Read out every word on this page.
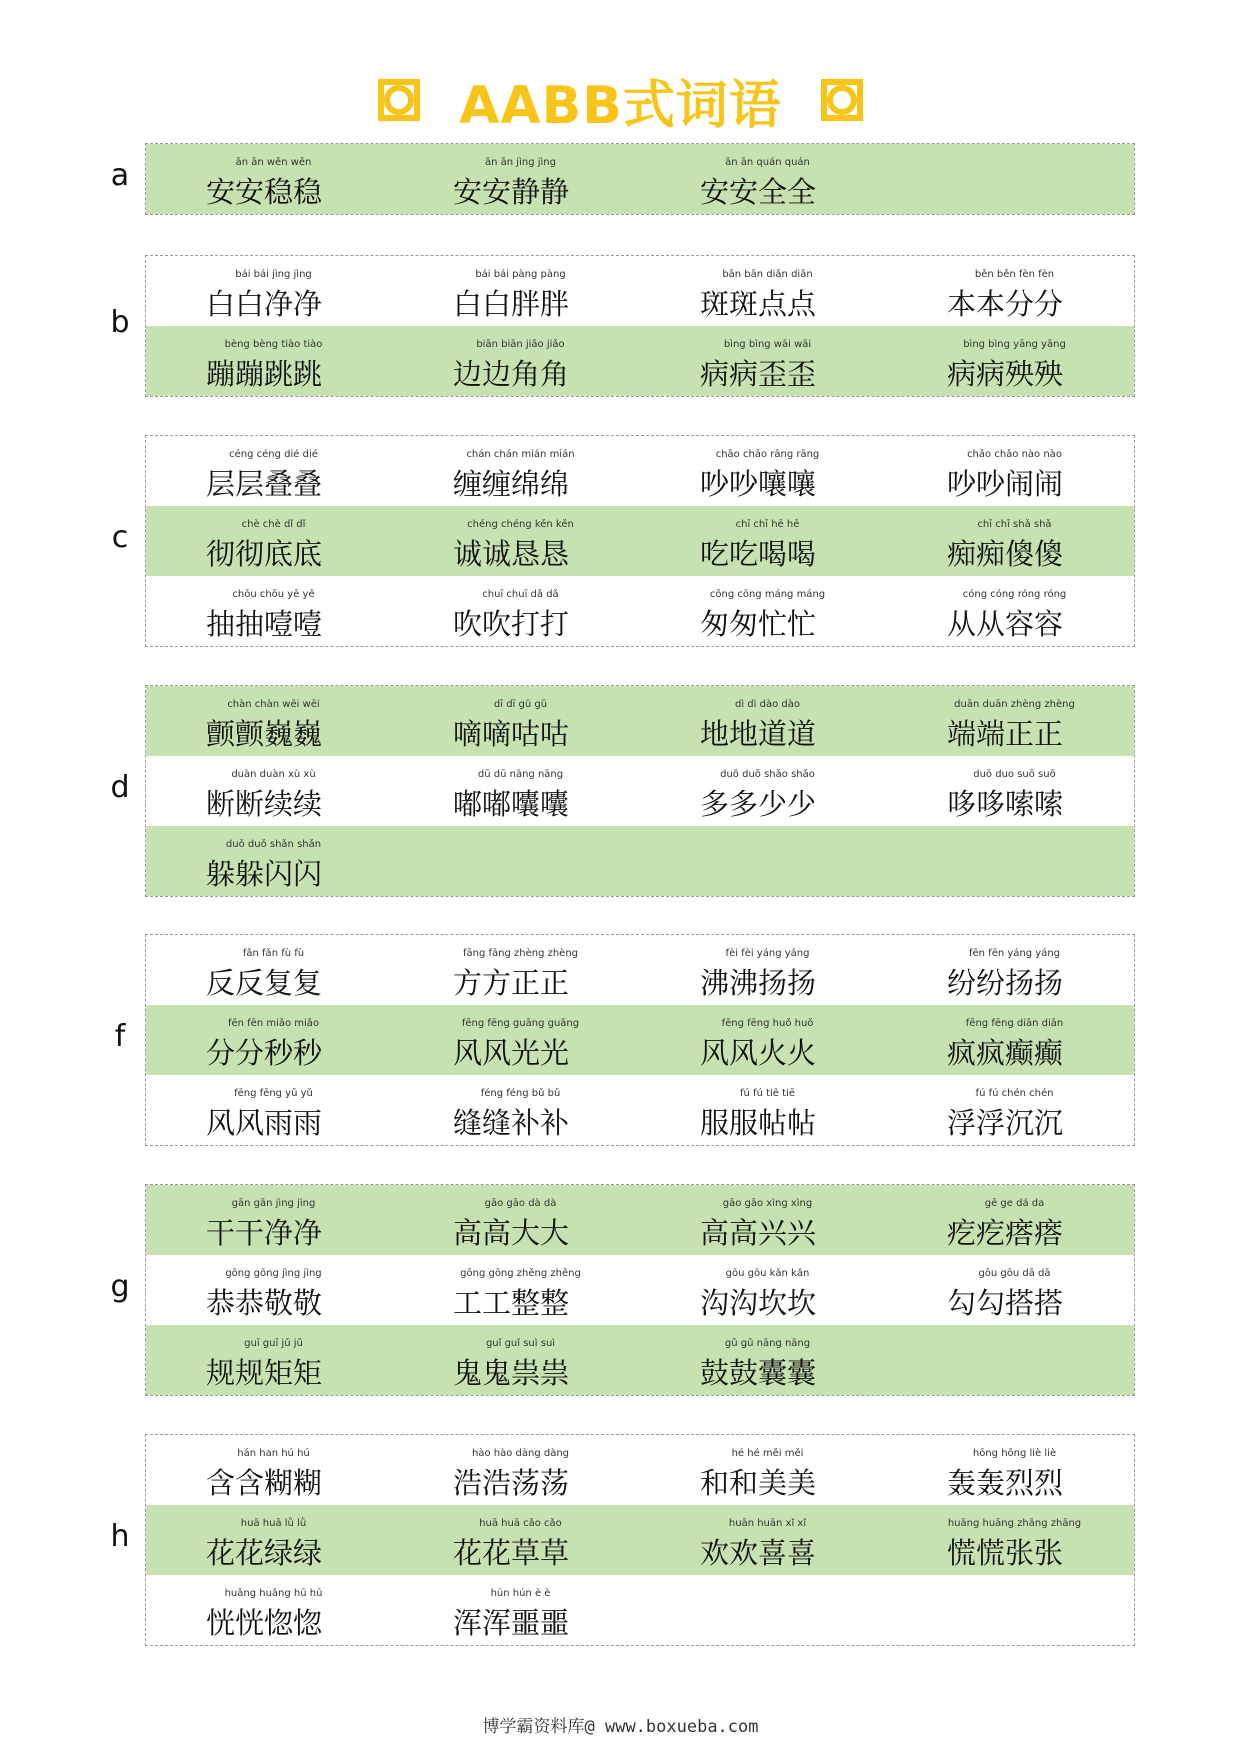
AABB式词语
ān ān wěn wěn
安安稳稳
ān ān jìng jìng
安安静静
ān ān quán quán
安安全全
a
bái bái jìng jìng
白白净净
bái bái pàng pàng
白白胖胖
bān bān diǎn diǎn
斑斑点点
běn běn fèn fèn
本本分分
bèng bèng tiào tiào
蹦蹦跳跳
biān biān jiǎo jiǎo
边边角角
bìng bìng wāi wāi
病病歪歪
bìng bìng yāng yāng
病病殃殃
b
céng céng dié dié
层层叠叠
chán chán mián mián
缠缠绵绵
chāo chāo rāng rāng
吵吵嚷嚷
chǎo chǎo nào nào
吵吵闹闹
chè chè dǐ dǐ
彻彻底底
chéng chéng kěn kěn
诚诚恳恳
chī chī hē hē
吃吃喝喝
chī chī shǎ shǎ
痴痴傻傻
chōu chōu yē yē
抽抽噎噎
chuī chuī dǎ dǎ
吹吹打打
cōng cōng máng máng
匆匆忙忙
cóng cóng róng róng
从从容容
c
chàn chàn wēi wēi
颤颤巍巍
dī dī gū gū
嘀嘀咕咕
dì dì dào dào
地地道道
duān duān zhèng zhèng
端端正正
duàn duàn xù xù
断断续续
dū dū nāng nāng
嘟嘟囔囔
duō duō shǎo shǎo
多多少少
duō duo suō suō
哆哆嗦嗦
duǒ duǒ shǎn shǎn
躲躲闪闪
d
fǎn fǎn fù fù
反反复复
fāng fāng zhèng zhèng
方方正正
fèi fèi yáng yáng
沸沸扬扬
fēn fēn yáng yáng
纷纷扬扬
fēn fēn miǎo miǎo
分分秒秒
fēng fēng guāng guāng
风风光光
fēng fēng huǒ huǒ
风风火火
fēng fēng diān diān
疯疯癫癫
fēng fēng yǔ yǔ
风风雨雨
féng féng bǔ bǔ
缝缝补补
fú fú tiē tiē
服服帖帖
fú fú chén chén
浮浮沉沉
f
gān gān jìng jìng
干干净净
gāo gāo dà dà
高高大大
gāo gāo xìng xìng
高高兴兴
gē ge dá da
疙疙瘩瘩
gōng gōng jìng jìng
恭恭敬敬
gōng gōng zhěng zhěng
工工整整
gōu gōu kǎn kǎn
沟沟坎坎
gōu gōu dā dā
勾勾搭搭
guī guī jǔ jǔ
规规矩矩
guǐ guǐ suì suì
鬼鬼祟祟
gǔ gǔ nāng nāng
鼓鼓囊囊
g
hán han hú hú
含含糊糊
hào hào dàng dàng
浩浩荡荡
hé hé měi měi
和和美美
hōng hōng liè liè
轰轰烈烈
huā huā lǜ lǜ
花花绿绿
huā huā cǎo cǎo
花花草草
huān huān xǐ xǐ
欢欢喜喜
huāng huāng zhāng zhāng
慌慌张张
huǎng huǎng hū hū
恍恍惚惚
hún hún è è
浑浑噩噩
h
博学霸资料库@ www.boxueba.com
